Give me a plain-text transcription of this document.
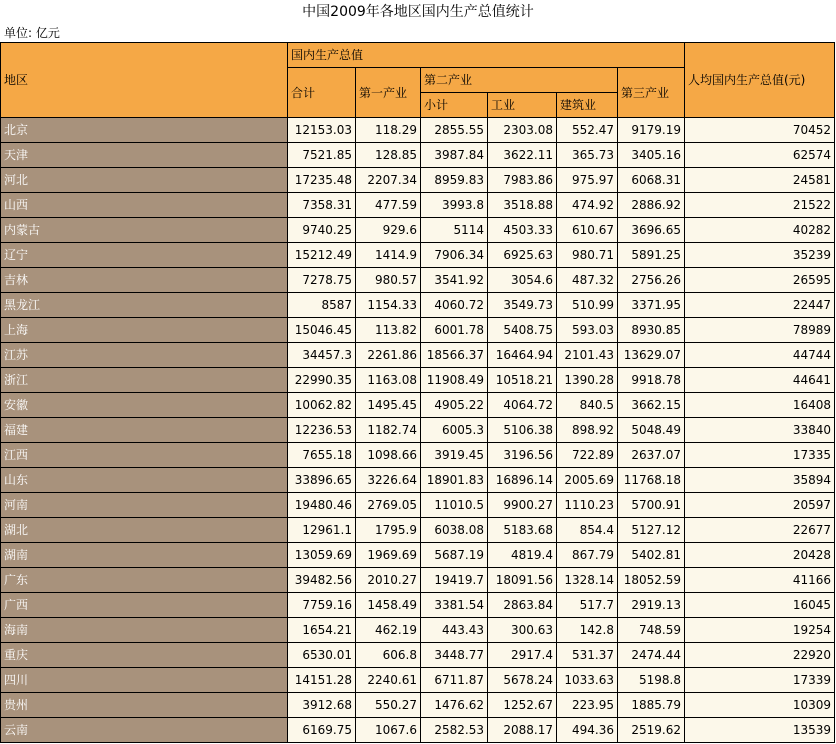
中国2009年各地区国内生产总值统计
单位: 亿元
地区	国内生产总值						人均国内生产总值(元)
	合计	第一产业	第二产业			第三产业	
			小计	工业	建筑业		

北京	12153.03	118.29	2855.55	2303.08	552.47	9179.19	70452
天津	7521.85	128.85	3987.84	3622.11	365.73	3405.16	62574
河北	17235.48	2207.34	8959.83	7983.86	975.97	6068.31	24581
山西	7358.31	477.59	3993.8	3518.88	474.92	2886.92	21522
内蒙古	9740.25	929.6	5114	4503.33	610.67	3696.65	40282
辽宁	15212.49	1414.9	7906.34	6925.63	980.71	5891.25	35239
吉林	7278.75	980.57	3541.92	3054.6	487.32	2756.26	26595
黑龙江	8587	1154.33	4060.72	3549.73	510.99	3371.95	22447
上海	15046.45	113.82	6001.78	5408.75	593.03	8930.85	78989
江苏	34457.3	2261.86	18566.37	16464.94	2101.43	13629.07	44744
浙江	22990.35	1163.08	11908.49	10518.21	1390.28	9918.78	44641
安徽	10062.82	1495.45	4905.22	4064.72	840.5	3662.15	16408
福建	12236.53	1182.74	6005.3	5106.38	898.92	5048.49	33840
江西	7655.18	1098.66	3919.45	3196.56	722.89	2637.07	17335
山东	33896.65	3226.64	18901.83	16896.14	2005.69	11768.18	35894
河南	19480.46	2769.05	11010.5	9900.27	1110.23	5700.91	20597
湖北	12961.1	1795.9	6038.08	5183.68	854.4	5127.12	22677
湖南	13059.69	1969.69	5687.19	4819.4	867.79	5402.81	20428
广东	39482.56	2010.27	19419.7	18091.56	1328.14	18052.59	41166
广西	7759.16	1458.49	3381.54	2863.84	517.7	2919.13	16045
海南	1654.21	462.19	443.43	300.63	142.8	748.59	19254
重庆	6530.01	606.8	3448.77	2917.4	531.37	2474.44	22920
四川	14151.28	2240.61	6711.87	5678.24	1033.63	5198.8	17339
贵州	3912.68	550.27	1476.62	1252.67	223.95	1885.79	10309
云南	6169.75	1067.6	2582.53	2088.17	494.36	2519.62	13539
